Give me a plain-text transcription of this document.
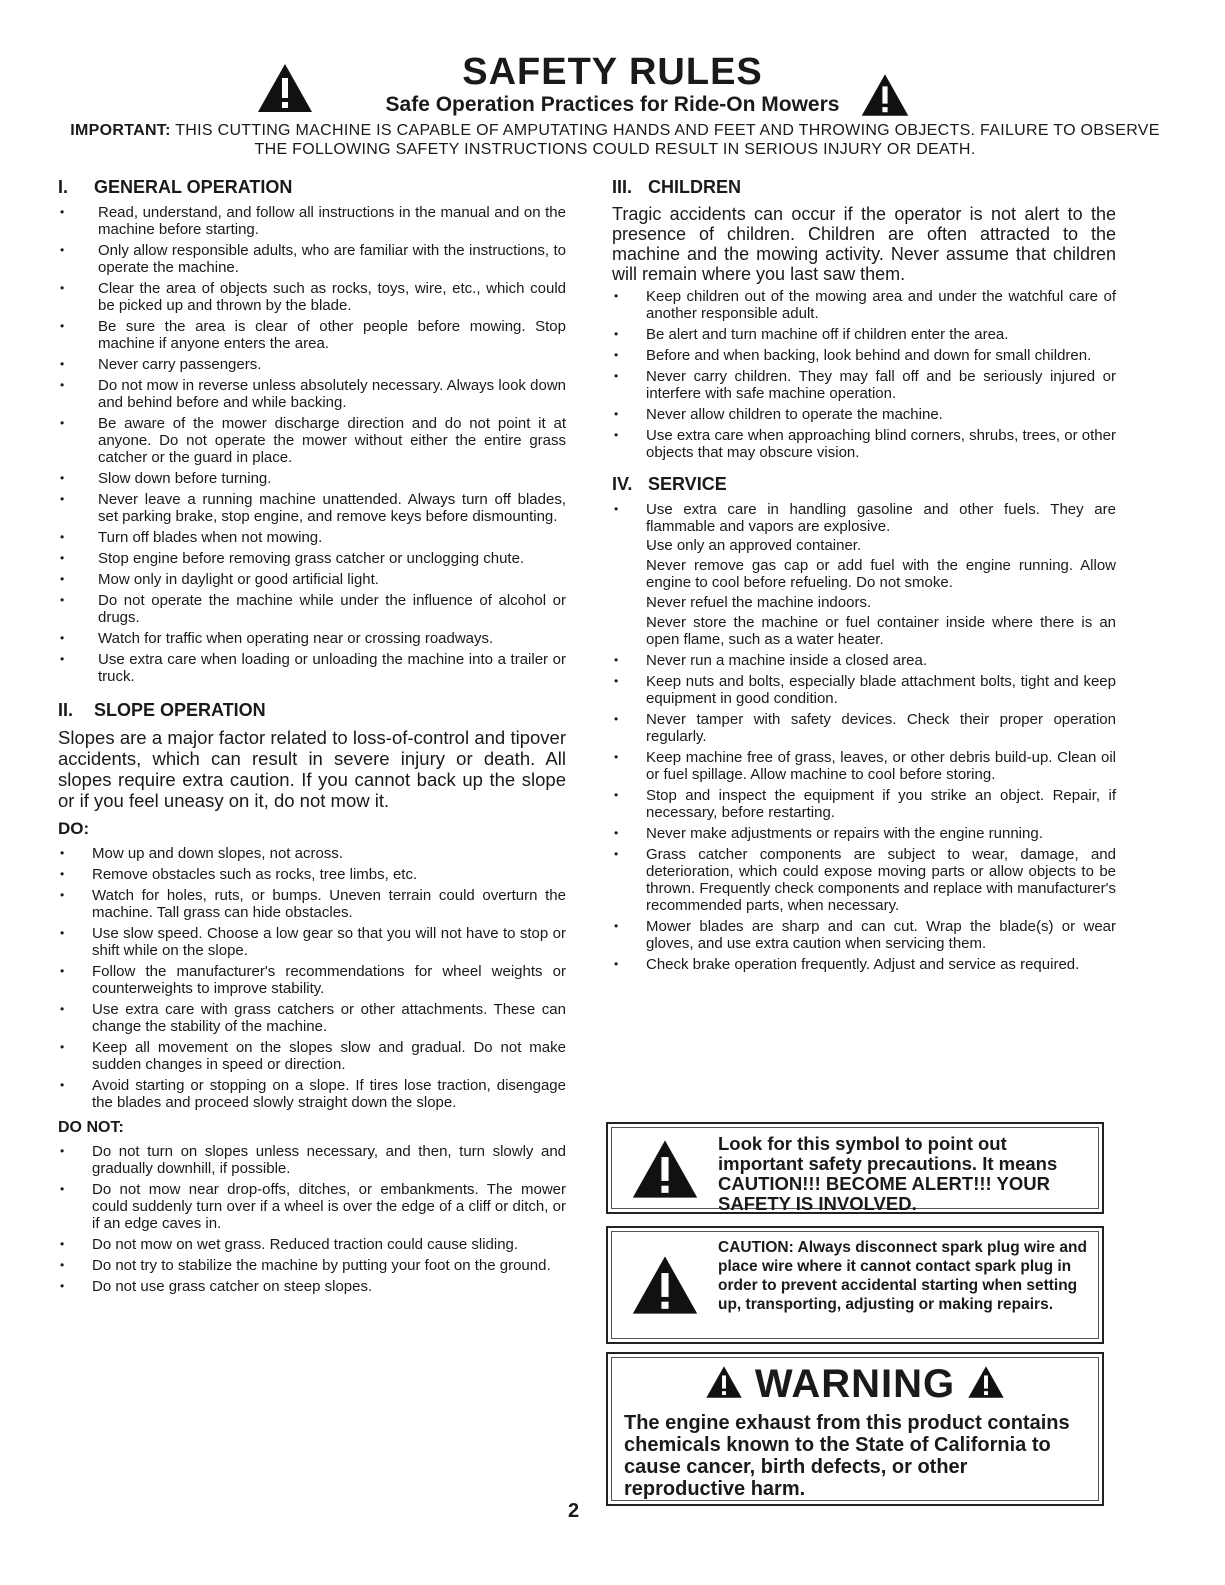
SAFETY RULES
Safe Operation Practices for Ride-On Mowers
IMPORTANT: THIS CUTTING MACHINE IS CAPABLE OF AMPUTATING HANDS AND FEET AND THROWING OBJECTS. FAILURE TO OBSERVE THE FOLLOWING SAFETY INSTRUCTIONS COULD RESULT IN SERIOUS INJURY OR DEATH.
I. GENERAL OPERATION
• Read, understand, and follow all instructions in the manual and on the machine before starting.
• Only allow responsible adults, who are familiar with the instructions, to operate the machine.
• Clear the area of objects such as rocks, toys, wire, etc., which could be picked up and thrown by the blade.
• Be sure the area is clear of other people before mowing. Stop machine if anyone enters the area.
• Never carry passengers.
• Do not mow in reverse unless absolutely necessary. Always look down and behind before and while backing.
• Be aware of the mower discharge direction and do not point it at anyone. Do not operate the mower without either the entire grass catcher or the guard in place.
• Slow down before turning.
• Never leave a running machine unattended. Always turn off blades, set parking brake, stop engine, and remove keys before dismounting.
• Turn off blades when not mowing.
• Stop engine before removing grass catcher or unclogging chute.
• Mow only in daylight or good artificial light.
• Do not operate the machine while under the influence of alcohol or drugs.
• Watch for traffic when operating near or crossing roadways.
• Use extra care when loading or unloading the machine into a trailer or truck.
II. SLOPE OPERATION

Slopes are a major factor related to loss-of-control and tipover accidents, which can result in severe injury or death. All slopes require extra caution. If you cannot back up the slope or if you feel uneasy on it, do not mow it.

DO:
• Mow up and down slopes, not across.
• Remove obstacles such as rocks, tree limbs, etc.
• Watch for holes, ruts, or bumps. Uneven terrain could overturn the machine. Tall grass can hide obstacles.
• Use slow speed. Choose a low gear so that you will not have to stop or shift while on the slope.
• Follow the manufacturer's recommendations for wheel weights or counterweights to improve stability.
• Use extra care with grass catchers or other attachments. These can change the stability of the machine.
• Keep all movement on the slopes slow and gradual. Do not make sudden changes in speed or direction.
• Avoid starting or stopping on a slope. If tires lose traction, disengage the blades and proceed slowly straight down the slope.
DO NOT:
• Do not turn on slopes unless necessary, and then, turn slowly and gradually downhill, if possible.
• Do not mow near drop-offs, ditches, or embankments. The mower could suddenly turn over if a wheel is over the edge of a cliff or ditch, or if an edge caves in.
• Do not mow on wet grass. Reduced traction could cause sliding.
• Do not try to stabilize the machine by putting your foot on the ground.
• Do not use grass catcher on steep slopes.
III. CHILDREN

Tragic accidents can occur if the operator is not alert to the presence of children. Children are often attracted to the machine and the mowing activity. Never assume that children will remain where you last saw them.

• Keep children out of the mowing area and under the watchful care of another responsible adult.
• Be alert and turn machine off if children enter the area.
• Before and when backing, look behind and down for small children.
• Never carry children. They may fall off and be seriously injured or interfere with safe machine operation.
• Never allow children to operate the machine.
• Use extra care when approaching blind corners, shrubs, trees, or other objects that may obscure vision.
IV. SERVICE
• Use extra care in handling gasoline and other fuels. They are flammable and vapors are explosive.
- Use only an approved container.
- Never remove gas cap or add fuel with the engine running. Allow engine to cool before refueling. Do not smoke.
- Never refuel the machine indoors.
- Never store the machine or fuel container inside where there is an open flame, such as a water heater.
• Never run a machine inside a closed area.
• Keep nuts and bolts, especially blade attachment bolts, tight and keep equipment in good condition.
• Never tamper with safety devices. Check their proper operation regularly.
• Keep machine free of grass, leaves, or other debris build-up. Clean oil or fuel spillage. Allow machine to cool before storing.
• Stop and inspect the equipment if you strike an object. Repair, if necessary, before restarting.
• Never make adjustments or repairs with the engine running.
• Grass catcher components are subject to wear, damage, and deterioration, which could expose moving parts or allow objects to be thrown. Frequently check components and replace with manufacturer's recommended parts, when necessary.
• Mower blades are sharp and can cut. Wrap the blade(s) or wear gloves, and use extra caution when servicing them.
• Check brake operation frequently. Adjust and service as required.
Look for this symbol to point out important safety precautions. It means CAUTION!!! BECOME ALERT!!! YOUR SAFETY IS INVOLVED.
CAUTION: Always disconnect spark plug wire and place wire where it cannot contact spark plug in order to prevent accidental starting when setting up, transporting, adjusting or making repairs.
WARNING
The engine exhaust from this product contains chemicals known to the State of California to cause cancer, birth defects, or other reproductive harm.
2
